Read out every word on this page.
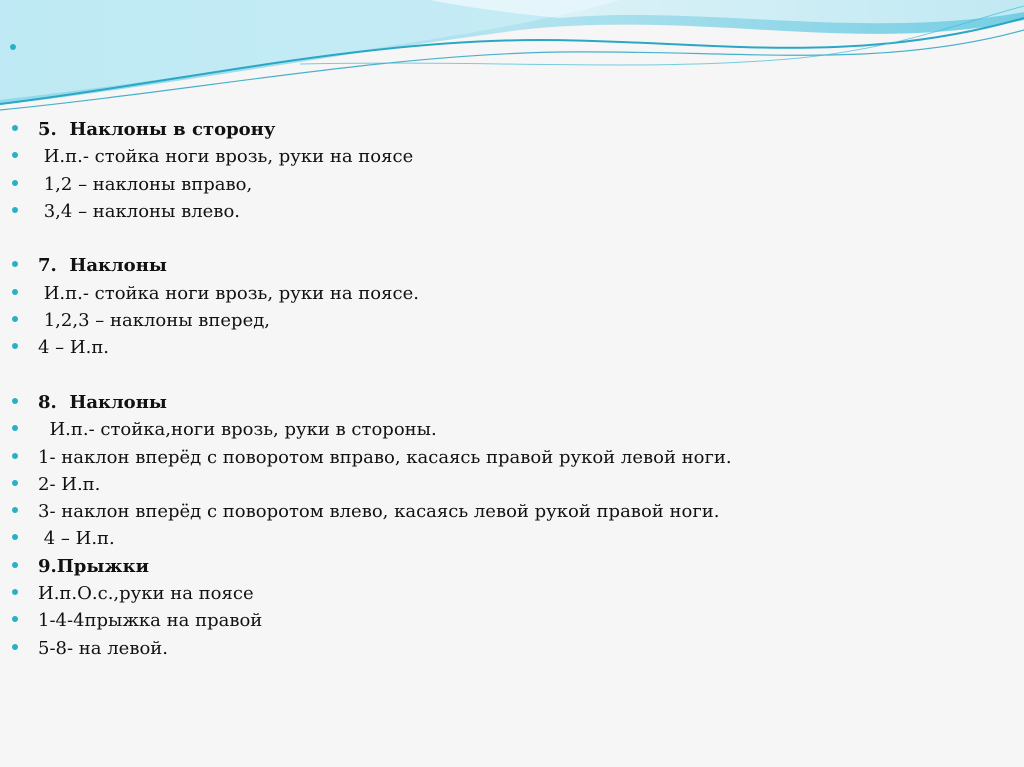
5.  Наклоны в сторону
И.п.- стойка ноги врозь, руки на поясе
1,2 – наклоны вправо,
3,4 – наклоны влево.
7.  Наклоны
И.п.- стойка ноги врозь, руки на поясе.
1,2,3 – наклоны вперед,
4 – И.п.
8.  Наклоны
И.п.- стойка,ноги врозь, руки в стороны.
1- наклон вперёд с поворотом вправо, касаясь правой рукой левой ноги.
2- И.п.
3- наклон вперёд с поворотом влево, касаясь левой рукой правой ноги.
4 – И.п.
9.Прыжки
И.п.О.с.,руки на поясе
1-4-4прыжка на правой
5-8- на левой.
